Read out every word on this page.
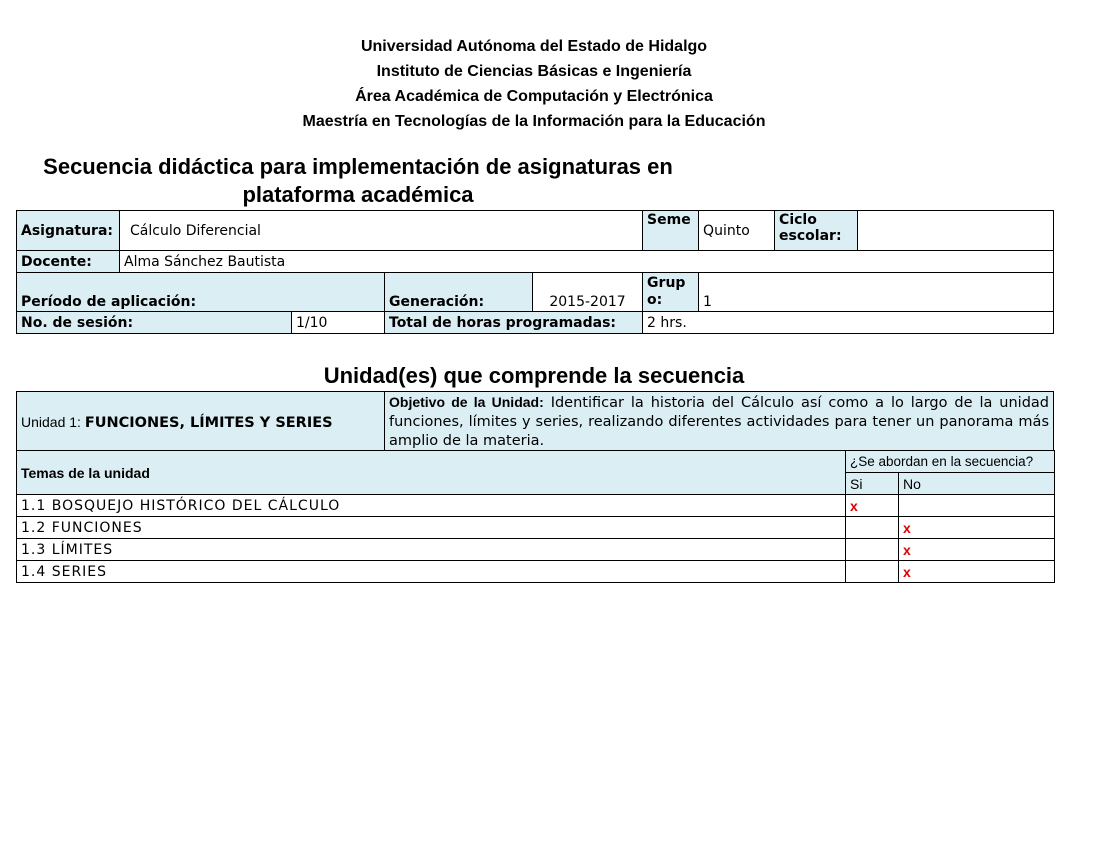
Universidad Autónoma del Estado de Hidalgo
Instituto de Ciencias Básicas e Ingeniería
Área Académica de Computación y Electrónica
Maestría en Tecnologías de la Información para la Educación
Secuencia didáctica para implementación de asignaturas en
plataforma académica
Asignatura:	Cálculo Diferencial				Seme	Quinto	Ciclo
escolar:	
Docente:	Alma Sánchez Bautista							
Período de aplicación:			Generación:	2015-2017	Grup
o:	1		
No. de sesión:		1/10	Total de horas programadas:		2 hrs.			
Unidad(es) que comprende la secuencia
Unidad 1: FUNCIONES, LÍMITES Y SERIES	Objetivo de la Unidad: Identificar la historia del Cálculo así como a lo largo de la unidad funciones, límites y series, realizando diferentes actividades para tener un panorama más amplio de la materia.
Temas de la unidad	¿Se abordan en la secuencia?	
	Si	No
1.1 BOSQUEJO HISTÓRICO DEL CÁLCULO	x	
1.2 FUNCIONES		x
1.3 LÍMITES		x
1.4 SERIES		x
